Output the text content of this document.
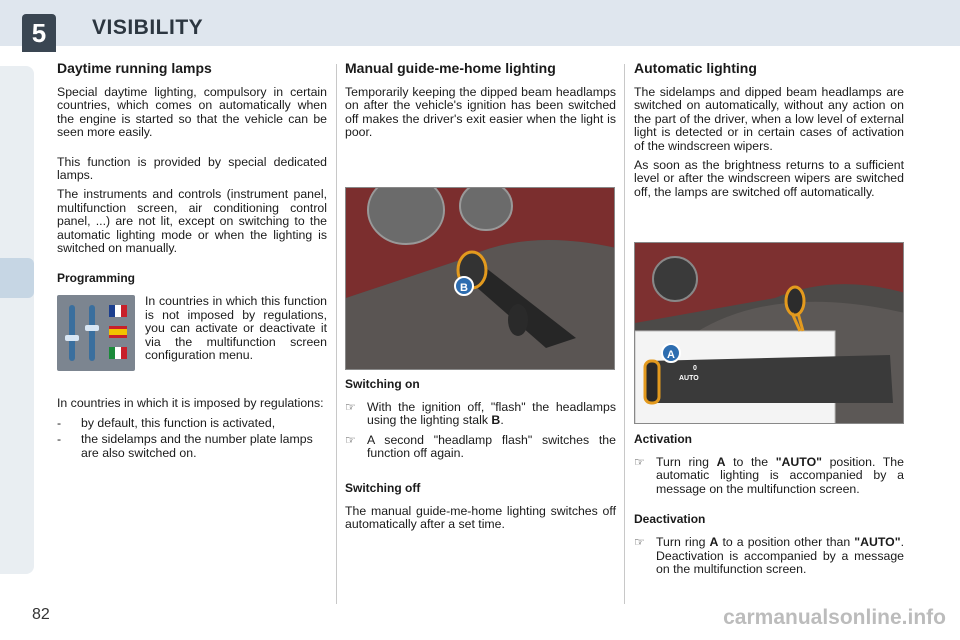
5	VISIBILITY
Daytime running lamps

Special daytime lighting, compulsory in certain countries, which comes on automatically when the engine is started so that the vehicle can be seen more easily.

This function is provided by special dedicated lamps.

The instruments and controls (instrument panel, multifunction screen, air conditioning control panel, ...) are not lit, except on switching to the automatic lighting mode or when the lighting is switched on manually.

Programming

In countries in which this function is not imposed by regulations, you can activate or deactivate it via the multifunction screen configuration menu.

In countries in which it is imposed by regulations:

-	by default, this function is activated,
-	the sidelamps and the number plate lamps are also switched on.
Manual guide-me-home lighting

Temporarily keeping the dipped beam headlamps on after the vehicle's ignition has been switched off makes the driver's exit easier when the light is poor.

B
Switching on
☞ With the ignition off, "flash" the headlamps using the lighting stalk B.
☞ A second "headlamp flash" switches the function off again.
Switching off

The manual guide-me-home lighting switches off automatically after a set time.

Automatic lighting

The sidelamps and dipped beam headlamps are switched on automatically, without any action on the part of the driver, when a low level of external light is detected or in certain cases of activation of the windscreen wipers.

As soon as the brightness returns to a sufficient level or after the windscreen wipers are switched off, the lamps are switched off automatically.

A
0
AUTO
Activation
☞ Turn ring A to the "AUTO" position. The automatic lighting is accompanied by a message on the multifunction screen.
Deactivation
☞ Turn ring A to a position other than "AUTO". Deactivation is accompanied by a message on the multifunction screen.
82	carmanualsonline.info
